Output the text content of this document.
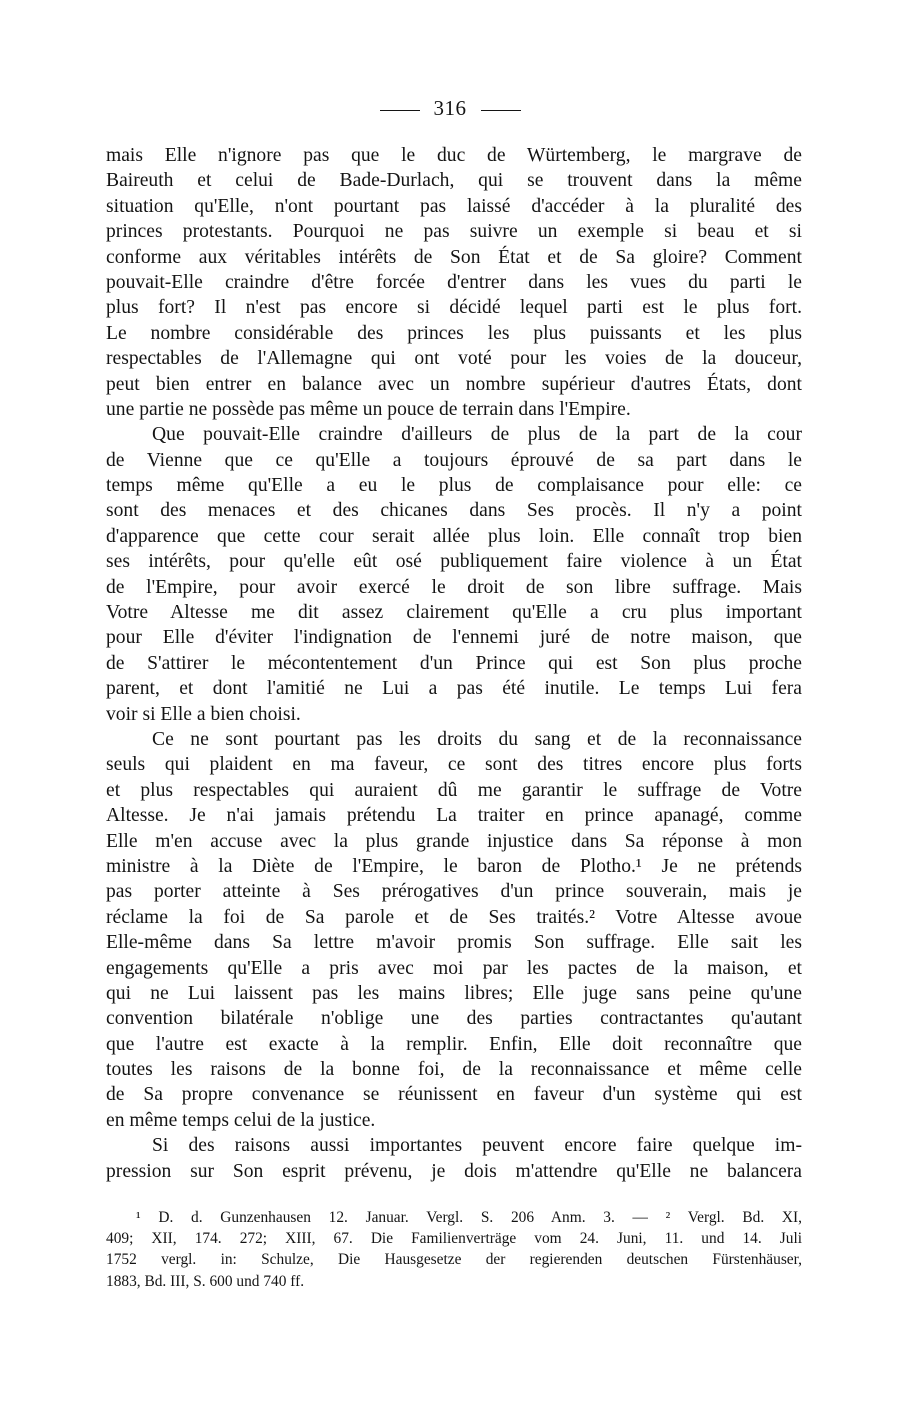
316
mais Elle n'ignore pas que le duc de Würtemberg, le margrave de
Baireuth et celui de Bade-Durlach, qui se trouvent dans la même
situation qu'Elle, n'ont pourtant pas laissé d'accéder à la pluralité des
princes protestants. Pourquoi ne pas suivre un exemple si beau et si
conforme aux véritables intérêts de Son État et de Sa gloire? Comment
pouvait-Elle craindre d'être forcée d'entrer dans les vues du parti le
plus fort? Il n'est pas encore si décidé lequel parti est le plus fort.
Le nombre considérable des princes les plus puissants et les plus
respectables de l'Allemagne qui ont voté pour les voies de la douceur,
peut bien entrer en balance avec un nombre supérieur d'autres États, dont
une partie ne possède pas même un pouce de terrain dans l'Empire.
Que pouvait-Elle craindre d'ailleurs de plus de la part de la cour
de Vienne que ce qu'Elle a toujours éprouvé de sa part dans le
temps même qu'Elle a eu le plus de complaisance pour elle: ce
sont des menaces et des chicanes dans Ses procès. Il n'y a point
d'apparence que cette cour serait allée plus loin. Elle connaît trop bien
ses intérêts, pour qu'elle eût osé publiquement faire violence à un État
de l'Empire, pour avoir exercé le droit de son libre suffrage. Mais
Votre Altesse me dit assez clairement qu'Elle a cru plus important
pour Elle d'éviter l'indignation de l'ennemi juré de notre maison, que
de S'attirer le mécontentement d'un Prince qui est Son plus proche
parent, et dont l'amitié ne Lui a pas été inutile. Le temps Lui fera
voir si Elle a bien choisi.
Ce ne sont pourtant pas les droits du sang et de la reconnaissance
seuls qui plaident en ma faveur, ce sont des titres encore plus forts
et plus respectables qui auraient dû me garantir le suffrage de Votre
Altesse. Je n'ai jamais prétendu La traiter en prince apanagé, comme
Elle m'en accuse avec la plus grande injustice dans Sa réponse à mon
ministre à la Diète de l'Empire, le baron de Plotho.¹ Je ne prétends
pas porter atteinte à Ses prérogatives d'un prince souverain, mais je
réclame la foi de Sa parole et de Ses traités.² Votre Altesse avoue
Elle-même dans Sa lettre m'avoir promis Son suffrage. Elle sait les
engagements qu'Elle a pris avec moi par les pactes de la maison, et
qui ne Lui laissent pas les mains libres; Elle juge sans peine qu'une
convention bilatérale n'oblige une des parties contractantes qu'autant
que l'autre est exacte à la remplir. Enfin, Elle doit reconnaître que
toutes les raisons de la bonne foi, de la reconnaissance et même celle
de Sa propre convenance se réunissent en faveur d'un système qui est
en même temps celui de la justice.
Si des raisons aussi importantes peuvent encore faire quelque im-
pression sur Son esprit prévenu, je dois m'attendre qu'Elle ne balancera
¹ D. d. Gunzenhausen 12. Januar. Vergl. S. 206 Anm. 3. — ² Vergl. Bd. XI,
409; XII, 174. 272; XIII, 67. Die Familienverträge vom 24. Juni, 11. und 14. Juli
1752 vergl. in: Schulze, Die Hausgesetze der regierenden deutschen Fürstenhäuser,
1883, Bd. III, S. 600 und 740 ff.
